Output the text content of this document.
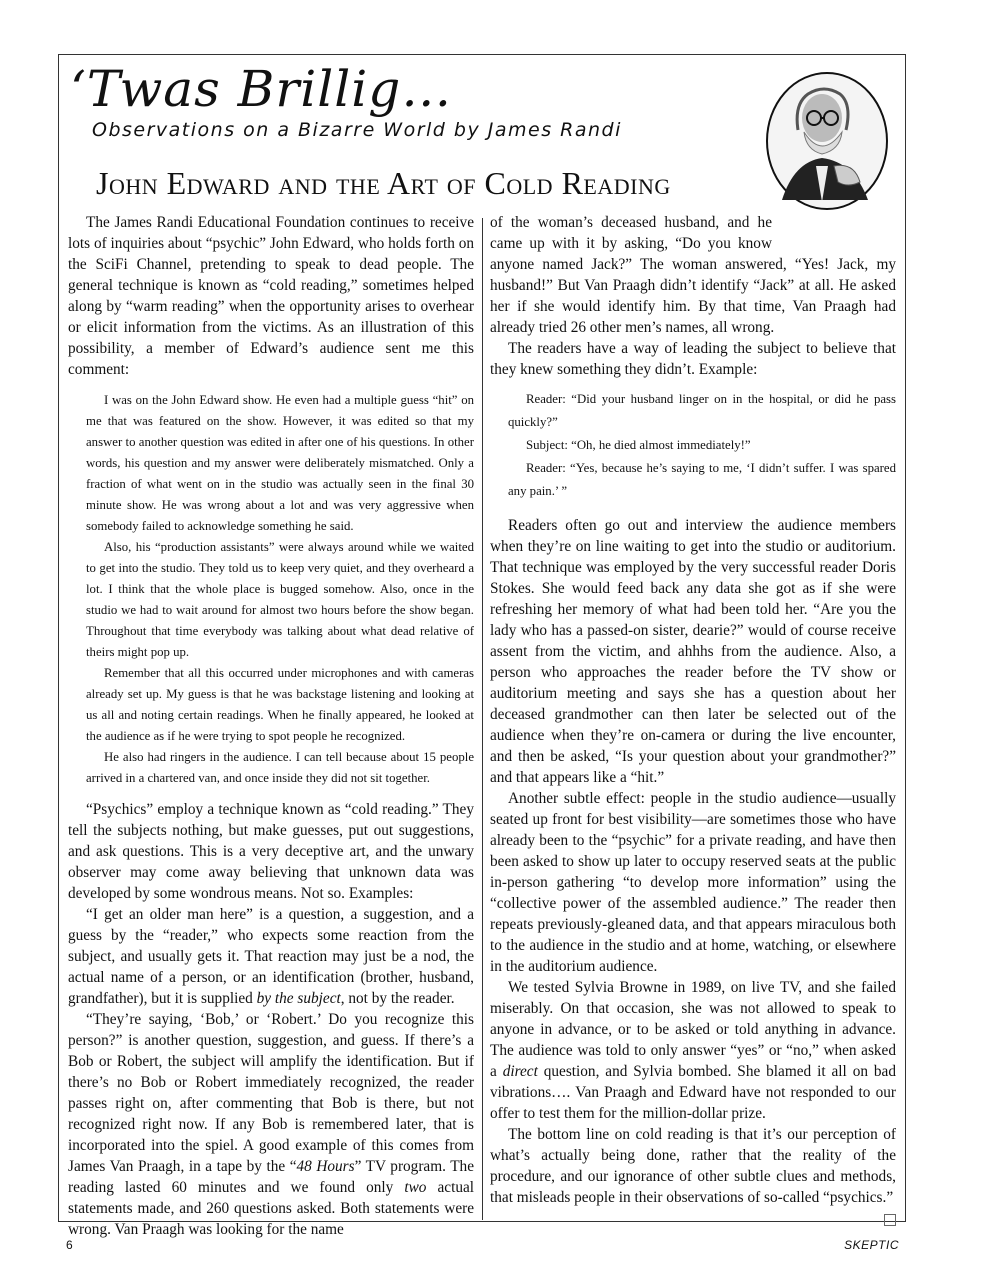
‘Twas Brillig…
Observations on a Bizarre World by James Randi
John Edward and the Art of Cold Reading

The James Randi Educational Foundation continues to receive lots of inquiries about “psychic” John Edward, who holds forth on the SciFi Channel, pretending to speak to dead people. The general technique is known as “cold reading,” sometimes helped along by “warm reading” when the opportunity arises to overhear or elicit information from the victims. As an illustration of this possibility, a member of Edward’s audience sent me this comment:

I was on the John Edward show. He even had a multiple guess “hit” on me that was featured on the show. However, it was edited so that my answer to another question was edited in after one of his questions. In other words, his question and my answer were deliberately mismatched. Only a fraction of what went on in the studio was actually seen in the final 30 minute show. He was wrong about a lot and was very aggressive when somebody failed to acknowledge something he said.

Also, his “production assistants” were always around while we waited to get into the studio. They told us to keep very quiet, and they overheard a lot. I think that the whole place is bugged somehow. Also, once in the studio we had to wait around for almost two hours before the show began. Throughout that time everybody was talking about what dead relative of theirs might pop up.

Remember that all this occurred under microphones and with cameras already set up. My guess is that he was backstage listening and looking at us all and noting certain readings. When he finally appeared, he looked at the audience as if he were trying to spot people he recognized.

He also had ringers in the audience. I can tell because about 15 people arrived in a chartered van, and once inside they did not sit together.

“Psychics” employ a technique known as “cold reading.” They tell the subjects nothing, but make guesses, put out suggestions, and ask questions. This is a very deceptive art, and the unwary observer may come away believing that unknown data was developed by some wondrous means. Not so. Examples:

“I get an older man here” is a question, a suggestion, and a guess by the “reader,” who expects some reaction from the subject, and usually gets it. That reaction may just be a nod, the actual name of a person, or an identification (brother, husband, grandfather), but it is supplied by the subject, not by the reader.

“They’re saying, ‘Bob,’ or ‘Robert.’ Do you recognize this person?” is another question, suggestion, and guess. If there’s a Bob or Robert, the subject will amplify the identification. But if there’s no Bob or Robert immediately recognized, the reader passes right on, after commenting that Bob is there, but not recognized right now. If any Bob is remembered later, that is incorporated into the spiel. A good example of this comes from James Van Praagh, in a tape by the “48 Hours” TV program. The reading lasted 60 minutes and we found only two actual statements made, and 260 questions asked. Both statements were wrong. Van Praagh was looking for the name

of the woman’s deceased husband, and he came up with it by asking, “Do you know anyone named Jack?” The woman answered, “Yes! Jack, my husband!” But Van Praagh didn’t identify “Jack” at all. He asked her if she would identify him. By that time, Van Praagh had already tried 26 other men’s names, all wrong.

The readers have a way of leading the subject to believe that they knew something they didn’t. Example:

Reader: “Did your husband linger on in the hospital, or did he pass quickly?”

Subject: “Oh, he died almost immediately!”

Reader: “Yes, because he’s saying to me, ‘I didn’t suffer. I was spared any pain.’ ”

Readers often go out and interview the audience members when they’re on line waiting to get into the studio or auditorium. That technique was employed by the very successful reader Doris Stokes. She would feed back any data she got as if she were refreshing her memory of what had been told her. “Are you the lady who has a passed-on sister, dearie?” would of course receive assent from the victim, and ahhhs from the audience. Also, a person who approaches the reader before the TV show or auditorium meeting and says she has a question about her deceased grandmother can then later be selected out of the audience when they’re on-camera or during the live encounter, and then be asked, “Is your question about your grandmother?” and that appears like a “hit.”

Another subtle effect: people in the studio audience—usually seated up front for best visibility—are sometimes those who have already been to the “psychic” for a private reading, and have then been asked to show up later to occupy reserved seats at the public in-person gathering “to develop more information” using the “collective power of the assembled audience.” The reader then repeats previously-gleaned data, and that appears miraculous both to the audience in the studio and at home, watching, or elsewhere in the auditorium audience.

We tested Sylvia Browne in 1989, on live TV, and she failed miserably. On that occasion, she was not allowed to speak to anyone in advance, or to be asked or told anything in advance. The audience was told to only answer “yes” or “no,” when asked a direct question, and Sylvia bombed. She blamed it all on bad vibrations…. Van Praagh and Edward have not responded to our offer to test them for the million-dollar prize.

The bottom line on cold reading is that it’s our perception of what’s actually being done, rather that the reality of the procedure, and our ignorance of other subtle clues and methods, that misleads people in their observations of so-called “psychics.”

6	SKEPTIC
